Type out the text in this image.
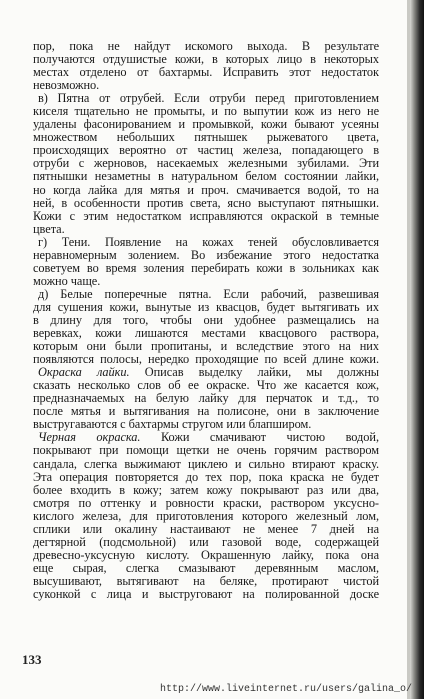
пор, пока не найдут искомого выхода. В результате
получаются отдушистые кожи, в которых лицо в некоторых
местах отделено от бахтармы. Исправить этот недостаток
невозможно.
в) Пятна от отрубей. Если отруби перед приготовлением
киселя тщательно не промыты, и по выпутии кож из него не
удалены фасонированием и промывкой, кожи бывают усеяны
множеством небольших пятнышек рыжеватого цвета,
происходящих вероятно от частиц железа, попадающего в
отруби с жерновов, насекаемых железными зубилами. Эти
пятнышки незаметны в натуральном белом состоянии лайки,
но когда лайка для мятья и проч. смачивается водой, то на
ней, в особенности против света, ясно выступают пятнышки.
Кожи с этим недостатком исправляются окраской в темные
цвета.
г) Тени. Появление на кожах теней обусловливается
неравномерным золением. Во избежание этого недостатка
советуем во время золения перебирать кожи в зольниках как
можно чаще.
д) Белые поперечные пятна. Если рабочий, развешивая
для сушения кожи, вынутые из квасцов, будет вытягивать их
в длину для того, чтобы они удобнее размещались на
веревках, кожи лишаются местами квасцового раствора,
которым они были пропитаны, и вследствие этого на них
появляются полосы, нередко проходящие по всей длине кожи.
Окраска лайки. Описав выделку лайки, мы должны
сказать несколько слов об ее окраске. Что же касается кож,
предназначаемых на белую лайку для перчаток и т.д., то
после мятья и вытягивания на полисоне, они в заключение
выстругаваются с бахтармы стругом или блапширом.
Черная окраска. Кожи смачивают чистою водой,
покрывают при помощи щетки не очень горячим раствором
сандала, слегка выжимают циклею и сильно втирают краску.
Эта операция повторяется до тех пор, пока краска не будет
более входить в кожу; затем кожу покрывают раз или два,
смотря по оттенку и ровности краски, раствором уксусно-
кислого железа, для приготовления которого железный лом,
сплики или окалину настаивают не менее 7 дней на
дегтярной (подсмольной) или газовой воде, содержащей
древесно-уксусную кислоту. Окрашенную лайку, пока она
еще сырая, слегка смазывают деревянным маслом,
высушивают, вытягивают на беляке, протирают чистой
суконкой с лица и выструговают на полированной доске
133
http://www.liveinternet.ru/users/galina_o/
